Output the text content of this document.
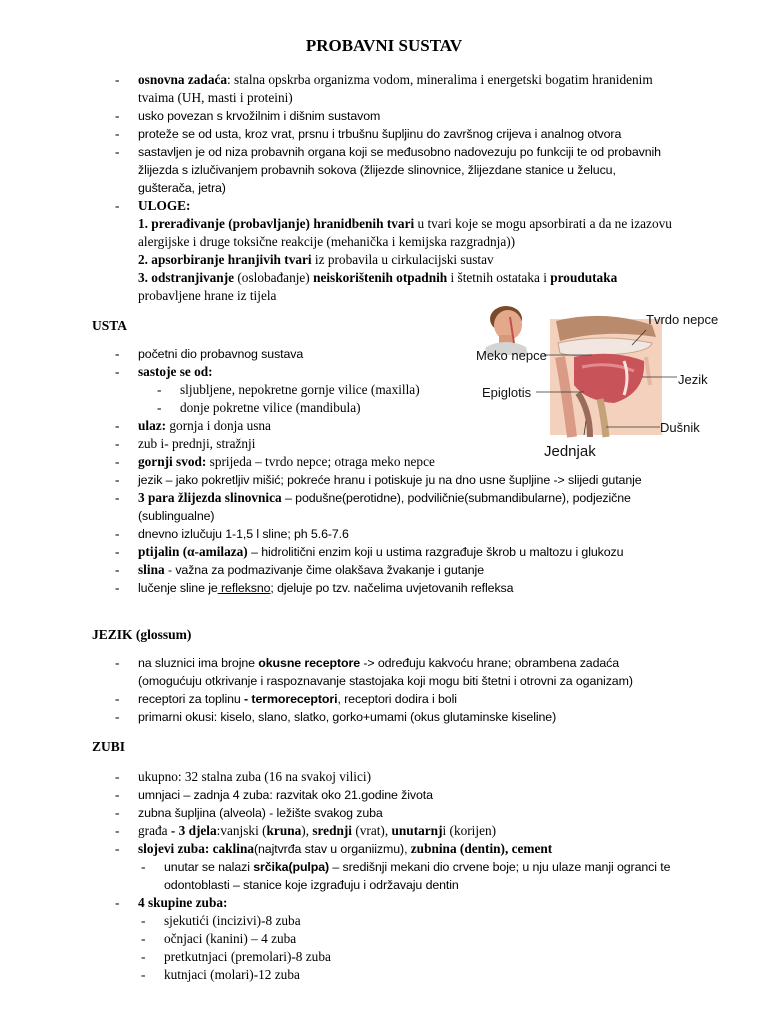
PROBAVNI SUSTAV
- osnovna zadaća: stalna opskrba organizma vodom, mineralima i energetski bogatim hranidenim tvaima (UH, masti i proteini)
- usko povezan s krvožilnim i dišnim sustavom
- proteže se od usta, kroz vrat, prsnu i trbušnu šupljinu do završnog crijeva i analnog otvora
- sastavljen je od niza probavnih organa koji se međusobno nadovezuju po funkciji te od probavnih žlijezda s izlučivanjem probavnih sokova (žlijezde slinovnice, žlijezdane stanice u želucu, gušterača, jetra)
- ULOGE:
1. prerađivanje (probavljanje) hranidbenih tvari u tvari koje se mogu apsorbirati a da ne izazovu alergijske i druge toksične reakcije (mehanička i kemijska razgradnja))
2. apsorbiranje hranjivih tvari iz probavila u cirkulacijski sustav
3. odstranjivanje (oslobađanje) neiskorištenih otpadnih i štetnih ostataka i proudutaka probavljene hrane iz tijela
USTA
- početni dio probavnog sustava
- sastoje se od:
- sljubljene, nepokretne gornje vilice (maxilla)
- donje pokretne vilice (mandibula)
- ulaz: gornja i donja usna
- zub i- prednji, stražnji
- gornji svod: sprijeda – tvrdo nepce; otraga meko nepce
- jezik – jako pokretljiv mišić; pokreće hranu i potiskuje ju na dno usne šupljine -> slijedi gutanje
- 3 para žlijezda slinovnica – podušne(perotidne), podviličnie(submandibularne), podjezične (sublingualne)
- dnevno izlučuju 1-1,5 l sline; ph 5.6-7.6
- ptijalin (α-amilaza) – hidrolitični enzim koji u ustima razgrađuje škrob u maltozu i glukozu
- slina - važna za podmazivanje čime olakšava žvakanje i gutanje
- lučenje sline je refleksno; djeluje po tzv. načelima uvjetovanih refleksa
Tvrdo nepce
Meko nepce
Jezik
Epiglotis
Dušnik
Jednjak
JEZIK (glossum)
- na sluznici ima brojne okusne receptore -> određuju kakvoću hrane; obrambena zadaća (omogućuju otkrivanje i raspoznavanje stastojaka koji mogu biti štetni i otrovni za oganizam)
- receptori za toplinu - termoreceptori, receptori dodira i boli
- primarni okusi: kiselo, slano, slatko, gorko+umami (okus glutaminske kiseline)
ZUBI
- ukupno: 32 stalna zuba (16 na svakoj vilici)
- umnjaci – zadnja 4 zuba: razvitak oko 21.godine života
- zubna šupljina (alveola) - ležište svakog zuba
- građa - 3 djela:vanjski (kruna), srednji (vrat), unutarnji (korijen)
- slojevi zuba: caklina(najtvrđa stav u organiizmu), zubnina (dentin), cement
- unutar se nalazi srčika(pulpa) – središnji mekani dio crvene boje; u nju ulaze manji ogranci te odontoblasti – stanice koje izgrađuju i održavaju dentin
- 4 skupine zuba:
- sjekutići (incizivi)-8 zuba
- očnjaci (kanini) – 4 zuba
- pretkutnjaci (premolari)-8 zuba
- kutnjaci (molari)-12 zuba
